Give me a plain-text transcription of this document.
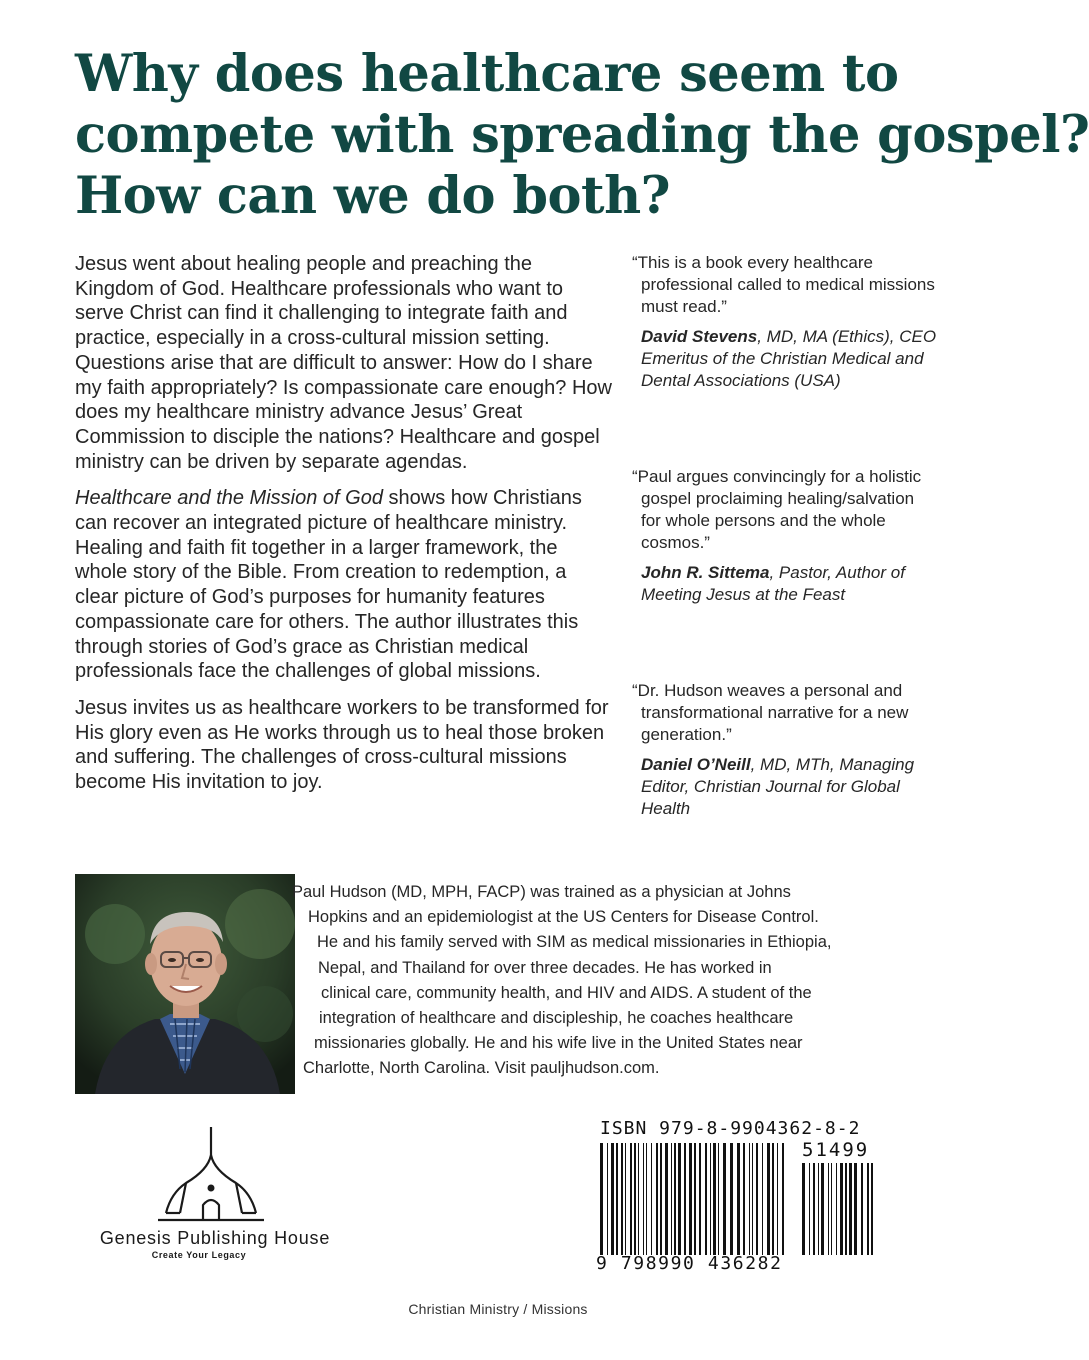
Why does healthcare seem to
compete with spreading the gospel?
How can we do both?

Jesus went about healing people and preaching the Kingdom of God. Healthcare professionals who want to serve Christ can find it challenging to integrate faith and practice, especially in a cross-cultural mission setting. Questions arise that are difficult to answer: How do I share my faith appropriately? Is compassionate care enough? How does my healthcare ministry advance Jesus’ Great Commission to disciple the nations? Healthcare and gospel ministry can be driven by separate agendas.

Healthcare and the Mission of God shows how Christians can recover an integrated picture of healthcare ministry. Healing and faith fit together in a larger framework, the whole story of the Bible. From creation to redemption, a clear picture of God’s purposes for humanity features compassionate care for others. The author illustrates this through stories of God’s grace as Christian medical professionals face the challenges of global missions.

Jesus invites us as healthcare workers to be transformed for His glory even as He works through us to heal those broken and suffering. The challenges of cross-cultural missions become His invitation to joy.

“This is a book every healthcare professional called to medical missions must read.”

David Stevens, MD, MA (Ethics), CEO Emeritus of the Christian Medical and Dental Associations (USA)

“Paul argues convincingly for a holistic gospel proclaiming healing/salvation for whole persons and the whole cosmos.”

John R. Sittema, Pastor, Author of Meeting Jesus at the Feast

“Dr. Hudson weaves a personal and transformational narrative for a new generation.”

Daniel O’Neill, MD, MTh, Managing Editor, Christian Journal for Global Health

Paul Hudson (MD, MPH, FACP) was trained as a physician at Johns
Hopkins and an epidemiologist at the US Centers for Disease Control.
He and his family served with SIM as medical missionaries in Ethiopia,
Nepal, and Thailand for over three decades. He has worked in
clinical care, community health, and HIV and AIDS. A student of the
integration of healthcare and discipleship, he coaches healthcare
missionaries globally. He and his wife live in the United States near
Charlotte, North Carolina. Visit pauljhudson.com.
Genesis Publishing House
Create Your Legacy
ISBN 979-8-9904362-8-2
51499
9 798990 436282
Christian Ministry / Missions
